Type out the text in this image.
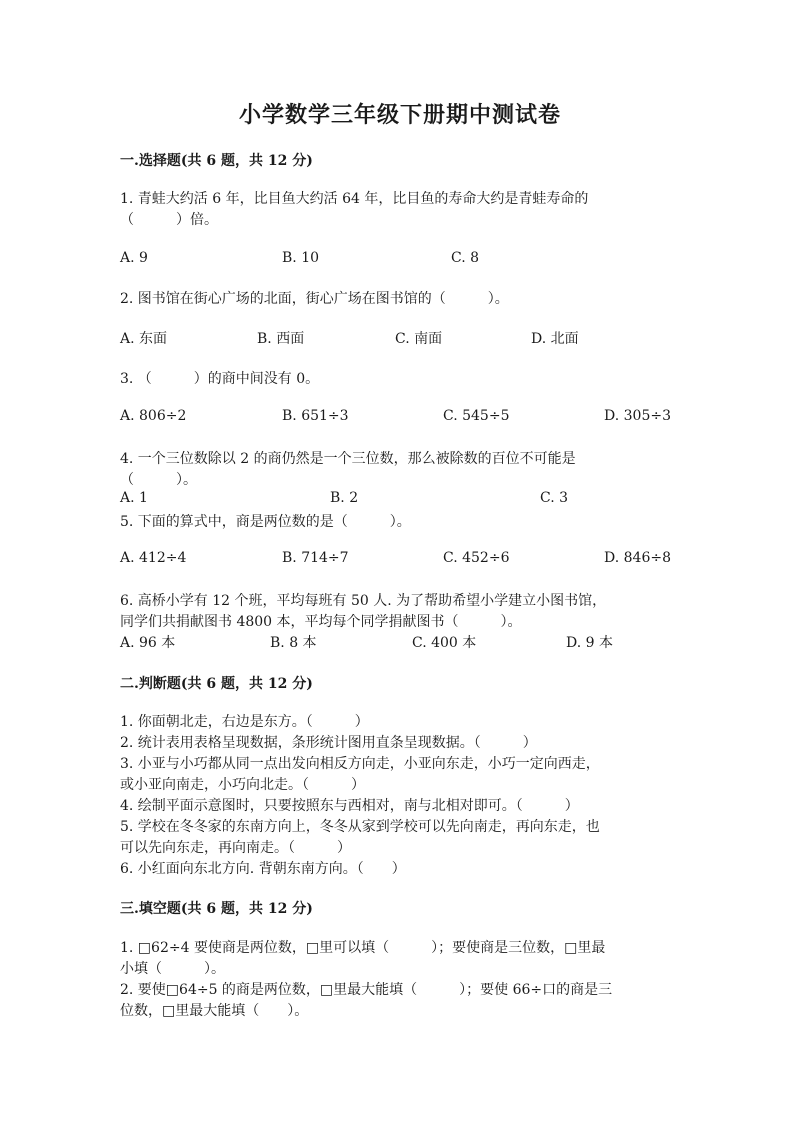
小学数学三年级下册期中测试卷
一.选择题(共 6 题，共 12 分)
1. 青蛙大约活 6 年，比目鱼大约活 64 年，比目鱼的寿命大约是青蛙寿命的
（　　　）倍。
A. 9	B. 10	C. 8
2. 图书馆在街心广场的北面，街心广场在图书馆的（　　　）。
A. 东面	B. 西面	C. 南面	D. 北面
3. （　　　）的商中间没有 0。
A. 806÷2	B. 651÷3	C. 545÷5	D. 305÷3
4. 一个三位数除以 2 的商仍然是一个三位数，那么被除数的百位不可能是
（　　　）。
A. 1	B. 2	C. 3
5. 下面的算式中，商是两位数的是（　　　）。
A. 412÷4	B. 714÷7	C. 452÷6	D. 846÷8
6. 高桥小学有 12 个班，平均每班有 50 人. 为了帮助希望小学建立小图书馆，
同学们共捐献图书 4800 本，平均每个同学捐献图书（　　　）。
A. 96 本	B. 8 本	C. 400 本	D. 9 本
二.判断题(共 6 题，共 12 分)
1. 你面朝北走，右边是东方。（　　　）
2. 统计表用表格呈现数据，条形统计图用直条呈现数据。（　　　）
3. 小亚与小巧都从同一点出发向相反方向走，小亚向东走，小巧一定向西走，
或小亚向南走，小巧向北走。（　　　）
4. 绘制平面示意图时，只要按照东与西相对，南与北相对即可。（　　　）
5. 学校在冬冬家的东南方向上，冬冬从家到学校可以先向南走，再向东走，也
可以先向东走，再向南走。（　　　）
6. 小红面向东北方向. 背朝东南方向。（　　）
三.填空题(共 6 题，共 12 分)
1. □62÷4 要使商是两位数，□里可以填（　　　）；要使商是三位数，□里最
小填（　　　）。
2. 要使□64÷5 的商是两位数，□里最大能填（　　　）；要使 66÷口的商是三
位数，□里最大能填（　　）。
